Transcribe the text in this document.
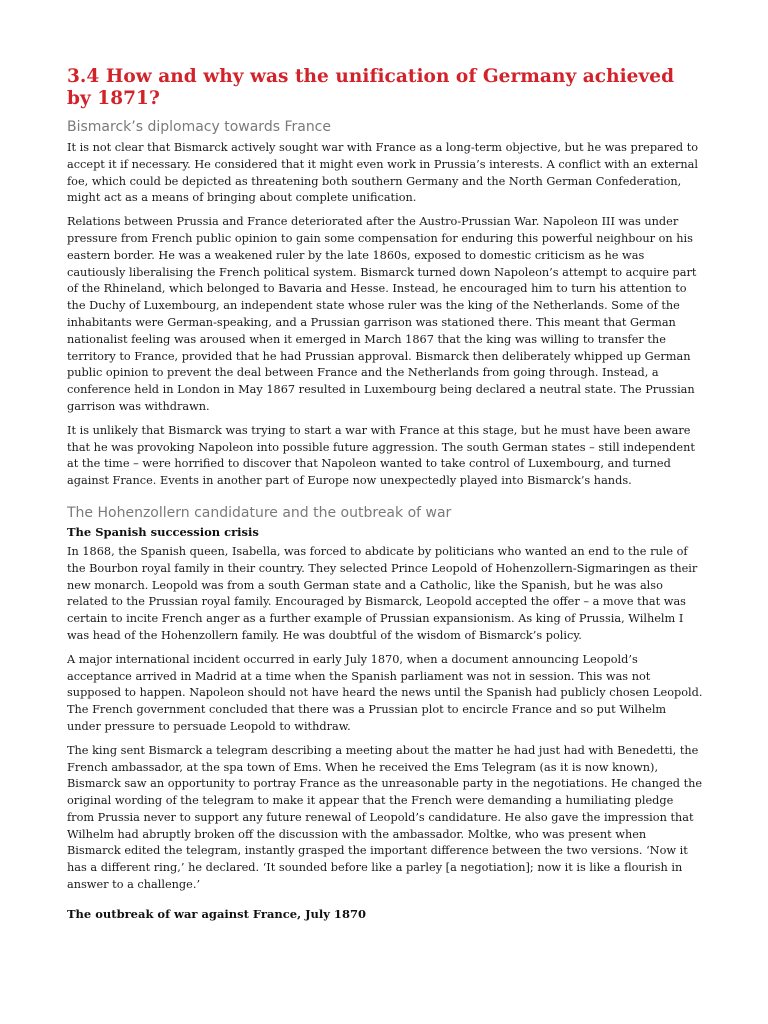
3.4 How and why was the unification of Germany achieved by 1871?
Bismarck’s diplomacy towards France

It is not clear that Bismarck actively sought war with France as a long-term objective, but he was prepared to accept it if necessary. He considered that it might even work in Prussia’s interests. A conflict with an external foe, which could be depicted as threatening both southern Germany and the North German Confederation, might act as a means of bringing about complete unification.

Relations between Prussia and France deteriorated after the Austro-Prussian War. Napoleon III was under pressure from French public opinion to gain some compensation for enduring this powerful neighbour on his eastern border. He was a weakened ruler by the late 1860s, exposed to domestic criticism as he was cautiously liberalising the French political system. Bismarck turned down Napoleon’s attempt to acquire part of the Rhineland, which belonged to Bavaria and Hesse. Instead, he encouraged him to turn his attention to the Duchy of Luxembourg, an independent state whose ruler was the king of the Netherlands. Some of the inhabitants were German-speaking, and a Prussian garrison was stationed there. This meant that German nationalist feeling was aroused when it emerged in March 1867 that the king was willing to transfer the territory to France, provided that he had Prussian approval. Bismarck then deliberately whipped up German public opinion to prevent the deal between France and the Netherlands from going through. Instead, a conference held in London in May 1867 resulted in Luxembourg being declared a neutral state. The Prussian garrison was withdrawn.

It is unlikely that Bismarck was trying to start a war with France at this stage, but he must have been aware that he was provoking Napoleon into possible future aggression. The south German states – still independent at the time – were horrified to discover that Napoleon wanted to take control of Luxembourg, and turned against France. Events in another part of Europe now unexpectedly played into Bismarck’s hands.

The Hohenzollern candidature and the outbreak of war
The Spanish succession crisis

In 1868, the Spanish queen, Isabella, was forced to abdicate by politicians who wanted an end to the rule of the Bourbon royal family in their country. They selected Prince Leopold of Hohenzollern-Sigmaringen as their new monarch. Leopold was from a south German state and a Catholic, like the Spanish, but he was also related to the Prussian royal family. Encouraged by Bismarck, Leopold accepted the offer – a move that was certain to incite French anger as a further example of Prussian expansionism. As king of Prussia, Wilhelm I was head of the Hohenzollern family. He was doubtful of the wisdom of Bismarck’s policy.

A major international incident occurred in early July 1870, when a document announcing Leopold’s acceptance arrived in Madrid at a time when the Spanish parliament was not in session. This was not supposed to happen. Napoleon should not have heard the news until the Spanish had publicly chosen Leopold. The French government concluded that there was a Prussian plot to encircle France and so put Wilhelm under pressure to persuade Leopold to withdraw.

The king sent Bismarck a telegram describing a meeting about the matter he had just had with Benedetti, the French ambassador, at the spa town of Ems. When he received the Ems Telegram (as it is now known), Bismarck saw an opportunity to portray France as the unreasonable party in the negotiations. He changed the original wording of the telegram to make it appear that the French were demanding a humiliating pledge from Prussia never to support any future renewal of Leopold’s candidature. He also gave the impression that Wilhelm had abruptly broken off the discussion with the ambassador. Moltke, who was present when Bismarck edited the telegram, instantly grasped the important difference between the two versions. ‘Now it has a different ring,’ he declared. ‘It sounded before like a parley [a negotiation]; now it is like a flourish in answer to a challenge.’

The outbreak of war against France, July 1870
